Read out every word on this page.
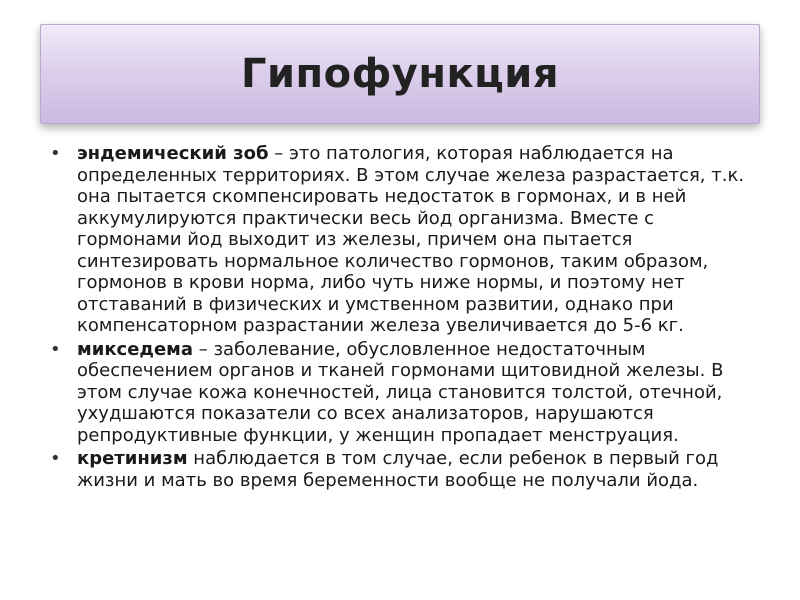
Гипофункция
• эндемический зоб – это патология, которая наблюдается на определенных территориях. В этом случае железа разрастается, т.к. она пытается скомпенсировать недостаток в гормонах, и в ней аккумулируются практически весь йод организма. Вместе с гормонами йод выходит из железы, причем она пытается синтезировать нормальное количество гормонов, таким образом, гормонов в крови норма, либо чуть ниже нормы, и поэтому нет отставаний в физических и умственном развитии, однако при компенсаторном разрастании железа увеличивается до 5-6 кг.
• микседема – заболевание, обусловленное недостаточным обеспечением органов и тканей гормонами щитовидной железы. В этом случае кожа конечностей, лица становится толстой, отечной, ухудшаются показатели со всех анализаторов, нарушаются репродуктивные функции, у женщин пропадает менструация.
• кретинизм наблюдается в том случае, если ребенок в первый год жизни и мать во время беременности вообще не получали йода.
